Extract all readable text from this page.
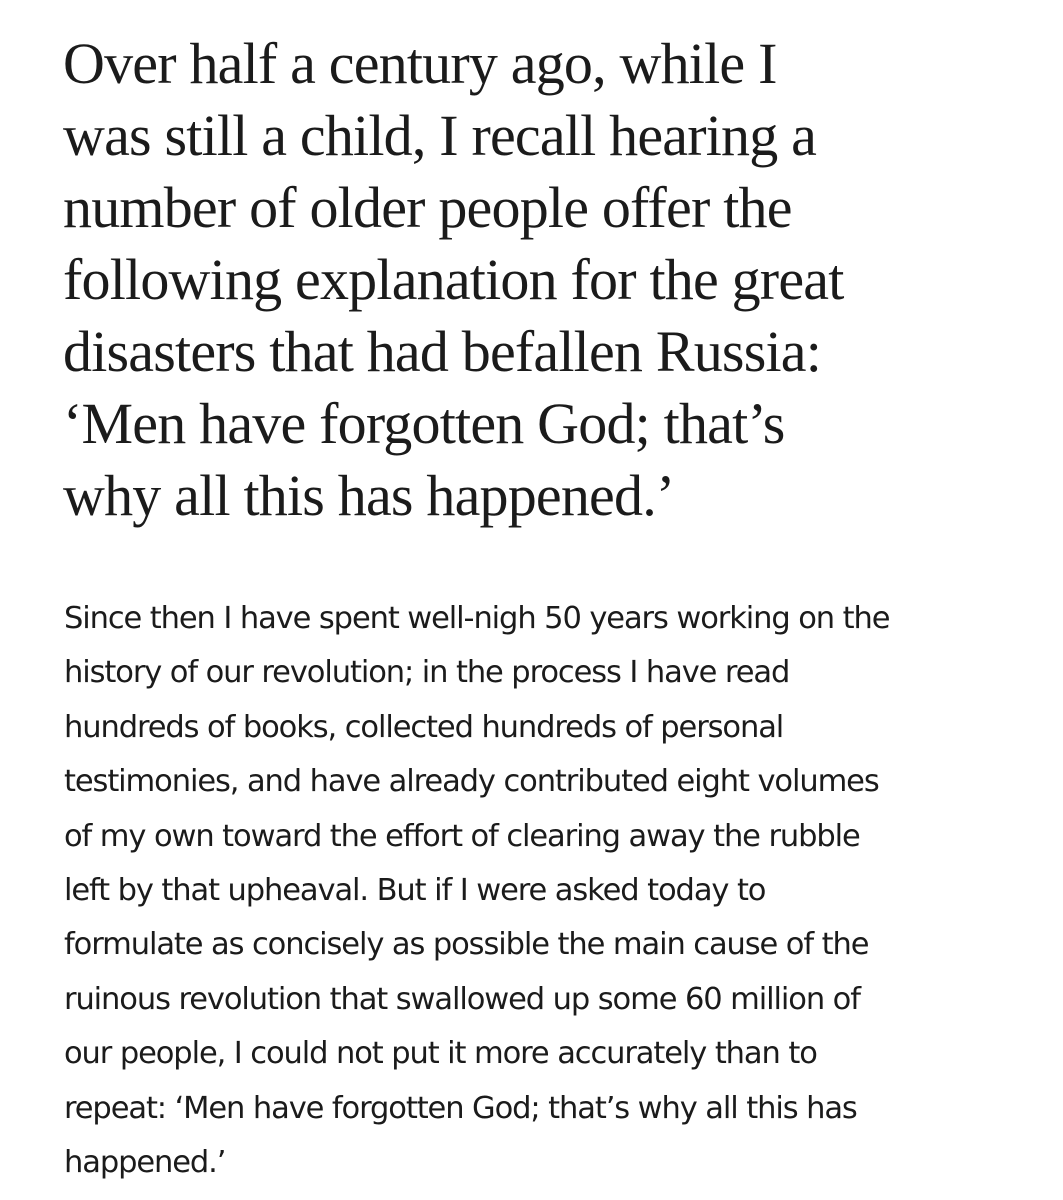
Over half a century ago, while I
was still a child, I recall hearing a
number of older people offer the
following explanation for the great
disasters that had befallen Russia:
‘Men have forgotten God; that’s
why all this has happened.’

Since then I have spent well-nigh 50 years working on the
history of our revolution; in the process I have read
hundreds of books, collected hundreds of personal
testimonies, and have already contributed eight volumes
of my own toward the effort of clearing away the rubble
left by that upheaval. But if I were asked today to
formulate as concisely as possible the main cause of the
ruinous revolution that swallowed up some 60 million of
our people, I could not put it more accurately than to
repeat: ‘Men have forgotten God; that’s why all this has
happened.’
